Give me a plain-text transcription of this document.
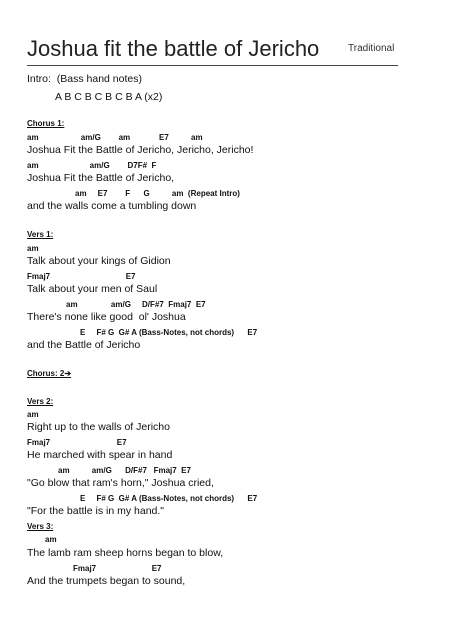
Joshua fit the battle of Jericho	Traditional
Intro:  (Bass hand notes)
A B C B C B C B A (x2)
Chorus 1:
am                   am/G        am             E7          am
Joshua Fit the Battle of Jericho, Jericho, Jericho!
am                       am/G        D7F#  F
Joshua Fit the Battle of Jericho,
am     E7        F      G          am  (Repeat Intro)
and the walls come a tumbling down
Vers 1:
am
Talk about your kings of Gidion
Fmaj7                                  E7
Talk about your men of Saul
am               am/G     D/F#7  Fmaj7  E7
There's none like good  ol' Joshua
E     F# G  G# A (Bass-Notes, not chords)      E7
and the Battle of Jericho
Chorus: 2➔
Vers 2:
am
Right up to the walls of Jericho
Fmaj7                              E7
He marched with spear in hand
am          am/G      D/F#7   Fmaj7  E7
"Go blow that ram's horn," Joshua cried,
E     F# G  G# A (Bass-Notes, not chords)      E7
"For the battle is in my hand."
Vers 3:
am
The lamb ram sheep horns began to blow,
Fmaj7                         E7
And the trumpets began to sound,
